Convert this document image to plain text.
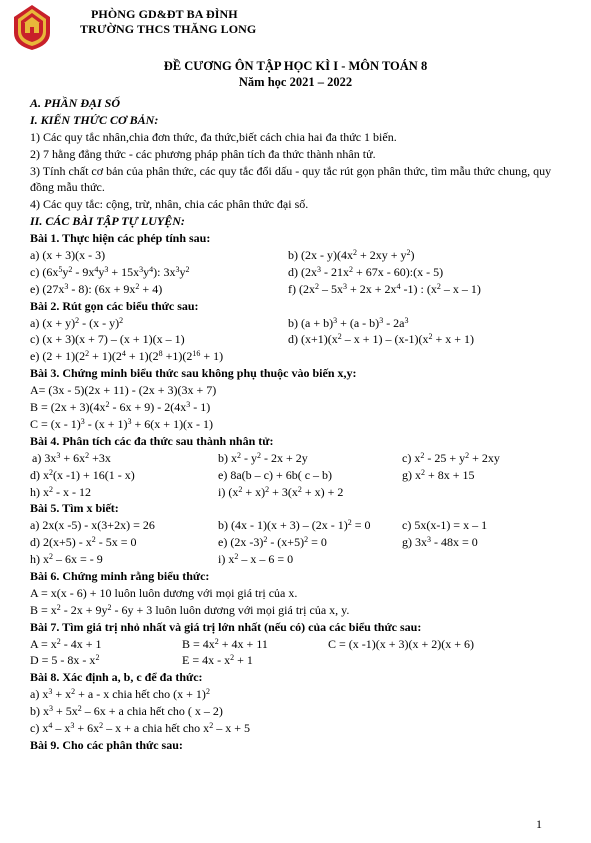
PHÒNG GD&ĐT BA ĐÌNH
TRƯỜNG THCS THĂNG LONG
ĐỀ CƯƠNG ÔN TẬP HỌC KÌ I - MÔN TOÁN 8
Năm học 2021 – 2022
A. PHẦN ĐẠI SỐ
I. KIẾN THỨC CƠ BẢN:
1) Các quy tắc nhân,chia đơn thức, đa thức,biết cách chia hai đa thức 1 biến.
2) 7 hằng đẳng thức - các phương pháp phân tích đa thức thành nhân tử.
3) Tính chất cơ bản của phân thức, các quy tắc đổi dấu - quy tắc rút gọn phân thức, tìm mẫu thức chung, quy đồng mẫu thức.
4) Các quy tắc: cộng, trừ, nhân, chia các phân thức đại số.
II. CÁC BÀI TẬP TỰ LUYỆN:
Bài 1. Thực hiện các phép tính sau:
a) (x + 3)(x - 3)	b) $(2x - y)(4x^2 + 2xy + y^2)$
c) $(6x^5y^2 - 9x^4y^3 + 15x^3y^4)$: $3x^3y^2$	d) ($2x^3 - 21x^2 + 67x$ - 60):(x - 5)
e) $(27x^3 - 8)$: $(6x + 9x^2 + 4)$	f) ($2x^2 - 5x^3 + 2x + 2x^4$ -1) : ($x^2$ – x – 1)
Bài 2. Rút gọn các biểu thức sau:
a) $(x + y)^2 - (x - y)^2$	b) $(a + b)^3 + (a - b)^3 - 2a^3$
c) (x + 3)(x + 7) – (x + 1)(x – 1)	d) $(x+1)(x^2 - x + 1) - (x-1)(x^2 + x + 1)$
e) $(2 + 1)(2^2 + 1)(2^4 + 1)(2^8 +1)(2^{16} + 1)$
Bài 3. Chứng minh biểu thức sau không phụ thuộc vào biến x,y:
A= (3x - 5)(2x + 11) - (2x + 3)(3x + 7)
$B = (2x + 3)(4x^2 - 6x + 9) - 2(4x^3 - 1)$
$C = (x - 1)^3 - (x + 1)^3 + 6(x + 1)(x - 1)$
Bài 4. Phân tích các đa thức sau thành nhân tử:
a) $3x^3 + 6x^2 +3x$	b) $x^2 - y^2 - 2x + 2y$	c) $x^2 - 25 + y^2 + 2xy$
d) $x^2(x$ -1) + 16(1 - x)	e) 8a(b – c) + 6b( c – b)	g) $x^2 + 8x + 15$
h) $x^2$ - x - 12	i) $(x^2 + x)^2 + 3(x^2 + x) + 2$
Bài 5. Tìm x biết:
a) 2x(x -5) - x(3+2x) = 26	b) (4x - 1)(x + 3) – (2x - 1)$^2$ = 0	c) 5x(x-1) = x – 1
d) $2(x+5) - x^2 - 5x = 0$	e) (2x $-3)^2 - (x+5)^2 = 0$	g) $3x^3 - 48x = 0$
h) $x^2 - 6x$ = - 9	i) $x^2 - x - 6 = 0$
Bài 6. Chứng minh rằng biểu thức:
A = x(x - 6) + 10 luôn luôn dương với mọi giá trị của x.
$B = x^2 - 2x + 9y^2 - 6y + 3$ luôn luôn dương với mọi giá trị của x, y.
Bài 7. Tìm giá trị nhỏ nhất và giá trị lớn nhất (nếu có) của các biểu thức sau:
$A = x^2 - 4x + 1$	$B = 4x^2 + 4x + 11$	C = (x -1)(x + 3)(x + 2)(x + 6)
$D = 5 - 8x - x^2$	$E = 4x - x^2 + 1$
Bài 8. Xác định a, b, c để đa thức:
a) $x^3 + x^2 + a - x$ chia hết cho $(x + 1)^2$
b) $x^3 + 5x^2 - 6x + a$ chia hết cho ( x – 2)
c) $x^4 - x^3 + 6x^2 - x + a$ chia hết cho $x^2 - x + 5$
Bài 9. Cho các phân thức sau:
1
